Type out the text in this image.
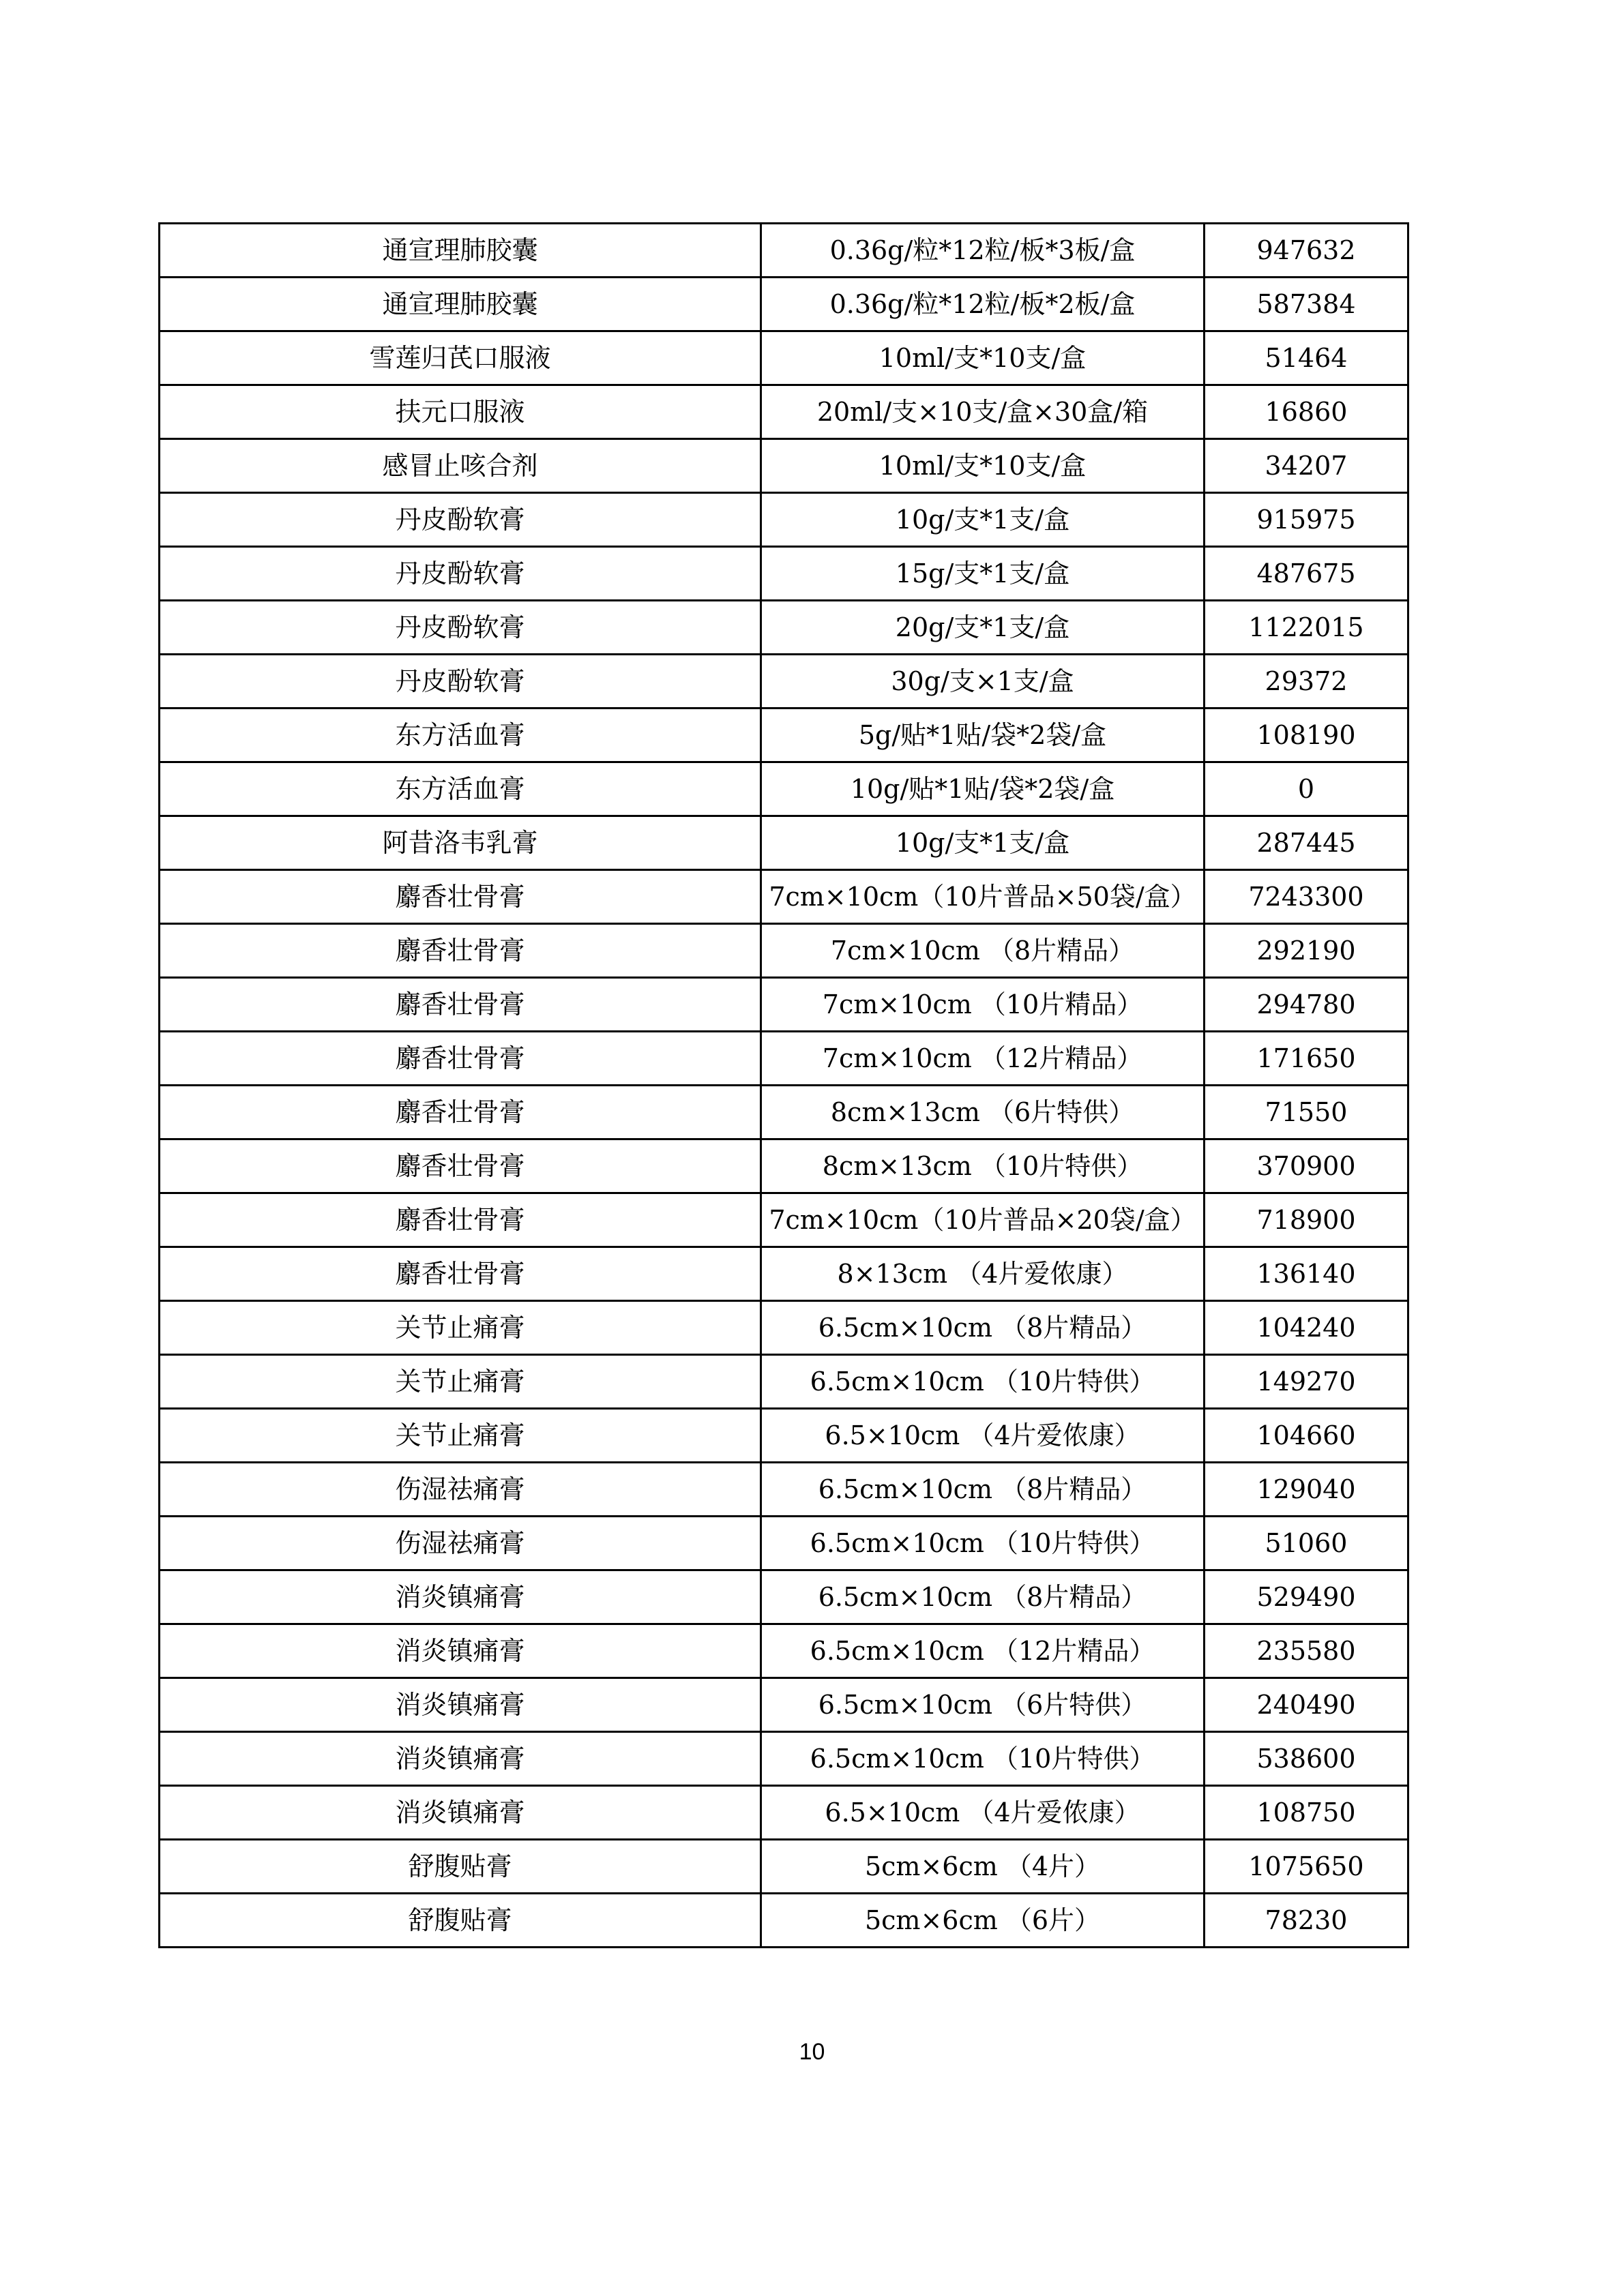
通宣理肺胶囊	0.36g/粒*12粒/板*3板/盒	947632
通宣理肺胶囊	0.36g/粒*12粒/板*2板/盒	587384
雪莲归芪口服液	10ml/支*10支/盒	51464
扶元口服液	20ml/支×10支/盒×30盒/箱	16860
感冒止咳合剂	10ml/支*10支/盒	34207
丹皮酚软膏	10g/支*1支/盒	915975
丹皮酚软膏	15g/支*1支/盒	487675
丹皮酚软膏	20g/支*1支/盒	1122015
丹皮酚软膏	30g/支×1支/盒	29372
东方活血膏	5g/贴*1贴/袋*2袋/盒	108190
东方活血膏	10g/贴*1贴/袋*2袋/盒	0
阿昔洛韦乳膏	10g/支*1支/盒	287445
麝香壮骨膏	7cm×10cm（10片普品×50袋/盒）	7243300
麝香壮骨膏	7cm×10cm （8片精品）	292190
麝香壮骨膏	7cm×10cm （10片精品）	294780
麝香壮骨膏	7cm×10cm （12片精品）	171650
麝香壮骨膏	8cm×13cm （6片特供）	71550
麝香壮骨膏	8cm×13cm （10片特供）	370900
麝香壮骨膏	7cm×10cm（10片普品×20袋/盒）	718900
麝香壮骨膏	8×13cm （4片爱侬康）	136140
关节止痛膏	6.5cm×10cm （8片精品）	104240
关节止痛膏	6.5cm×10cm （10片特供）	149270
关节止痛膏	6.5×10cm （4片爱侬康）	104660
伤湿祛痛膏	6.5cm×10cm （8片精品）	129040
伤湿祛痛膏	6.5cm×10cm （10片特供）	51060
消炎镇痛膏	6.5cm×10cm （8片精品）	529490
消炎镇痛膏	6.5cm×10cm （12片精品）	235580
消炎镇痛膏	6.5cm×10cm （6片特供）	240490
消炎镇痛膏	6.5cm×10cm （10片特供）	538600
消炎镇痛膏	6.5×10cm （4片爱侬康）	108750
舒腹贴膏	5cm×6cm （4片）	1075650
舒腹贴膏	5cm×6cm （6片）	78230
10
